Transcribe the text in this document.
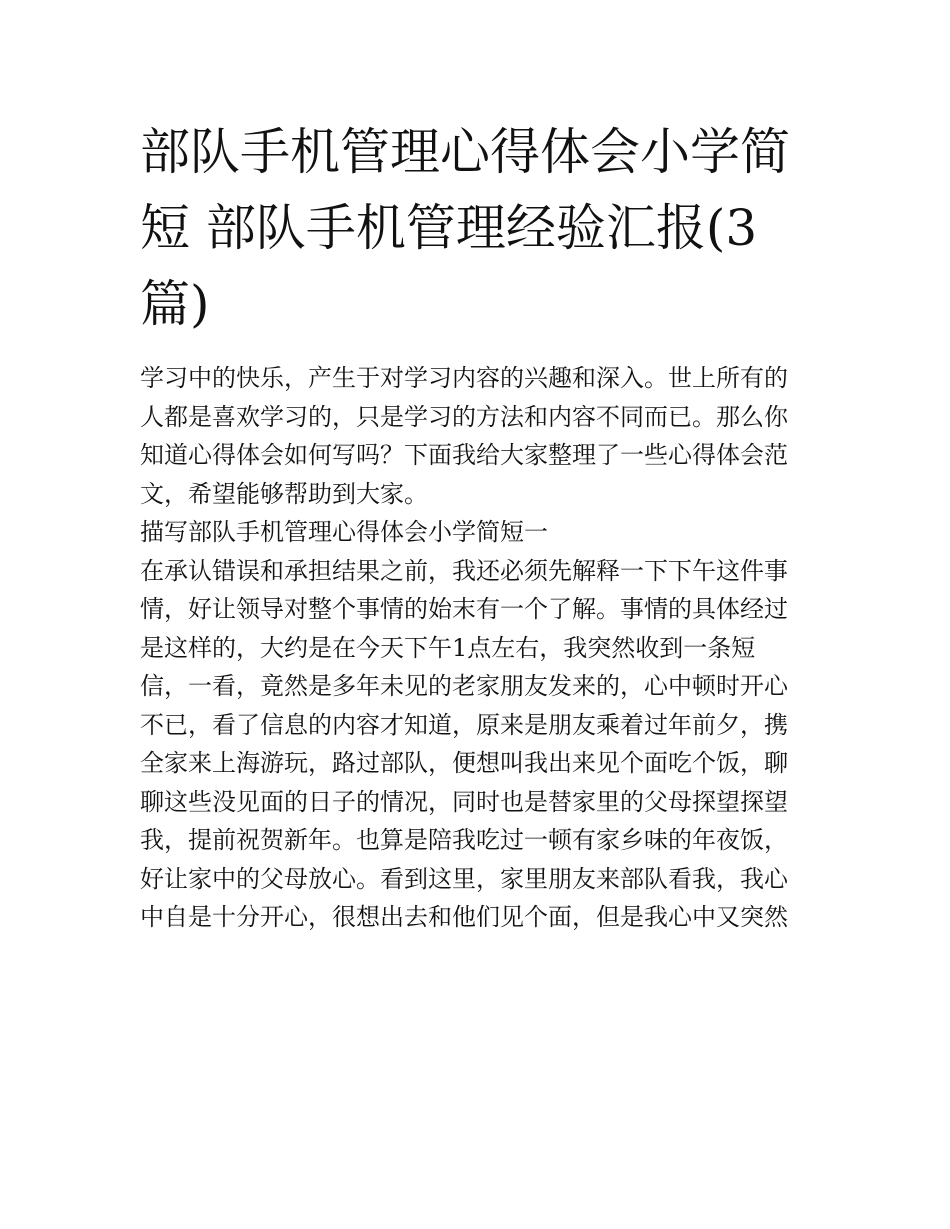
部队手机管理心得体会小学简
短 部队手机管理经验汇报(3
篇)
学习中的快乐，产生于对学习内容的兴趣和深入。世上所有的
人都是喜欢学习的，只是学习的方法和内容不同而已。那么你
知道心得体会如何写吗？下面我给大家整理了一些心得体会范
文，希望能够帮助到大家。
描写部队手机管理心得体会小学简短一
在承认错误和承担结果之前，我还必须先解释一下下午这件事
情，好让领导对整个事情的始末有一个了解。事情的具体经过
是这样的，大约是在今天下午1点左右，我突然收到一条短
信，一看，竟然是多年未见的老家朋友发来的，心中顿时开心
不已，看了信息的内容才知道，原来是朋友乘着过年前夕，携
全家来上海游玩，路过部队，便想叫我出来见个面吃个饭，聊
聊这些没见面的日子的情况，同时也是替家里的父母探望探望
我，提前祝贺新年。也算是陪我吃过一顿有家乡味的年夜饭，
好让家中的父母放心。看到这里，家里朋友来部队看我，我心
中自是十分开心，很想出去和他们见个面，但是我心中又突然
